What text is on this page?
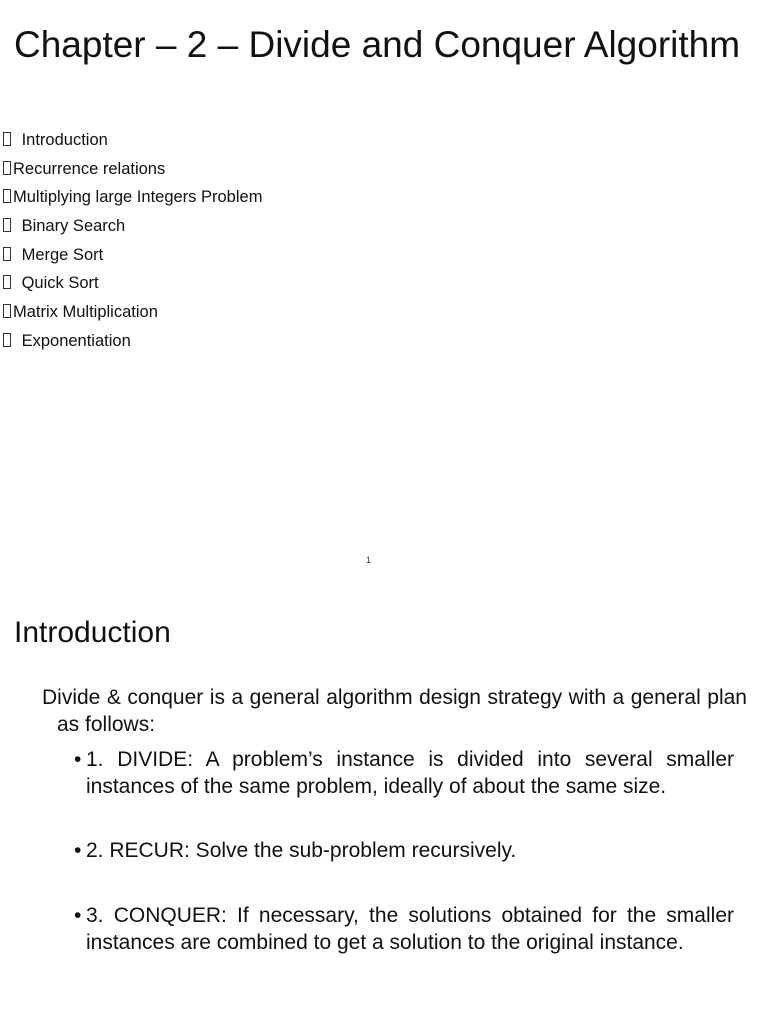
Chapter – 2 – Divide and Conquer Algorithm
Introduction
Recurrence relations
Multiplying large Integers Problem
Binary Search
Merge Sort
Quick Sort
Matrix Multiplication
Exponentiation
1
Introduction

Divide & conquer is a general algorithm design strategy with a general plan as follows:

• 1. DIVIDE: A problem’s instance is divided into several smaller instances of the same problem, ideally of about the same size.
• 2. RECUR: Solve the sub-problem recursively.
• 3. CONQUER: If necessary, the solutions obtained for the smaller instances are combined to get a solution to the original instance.
